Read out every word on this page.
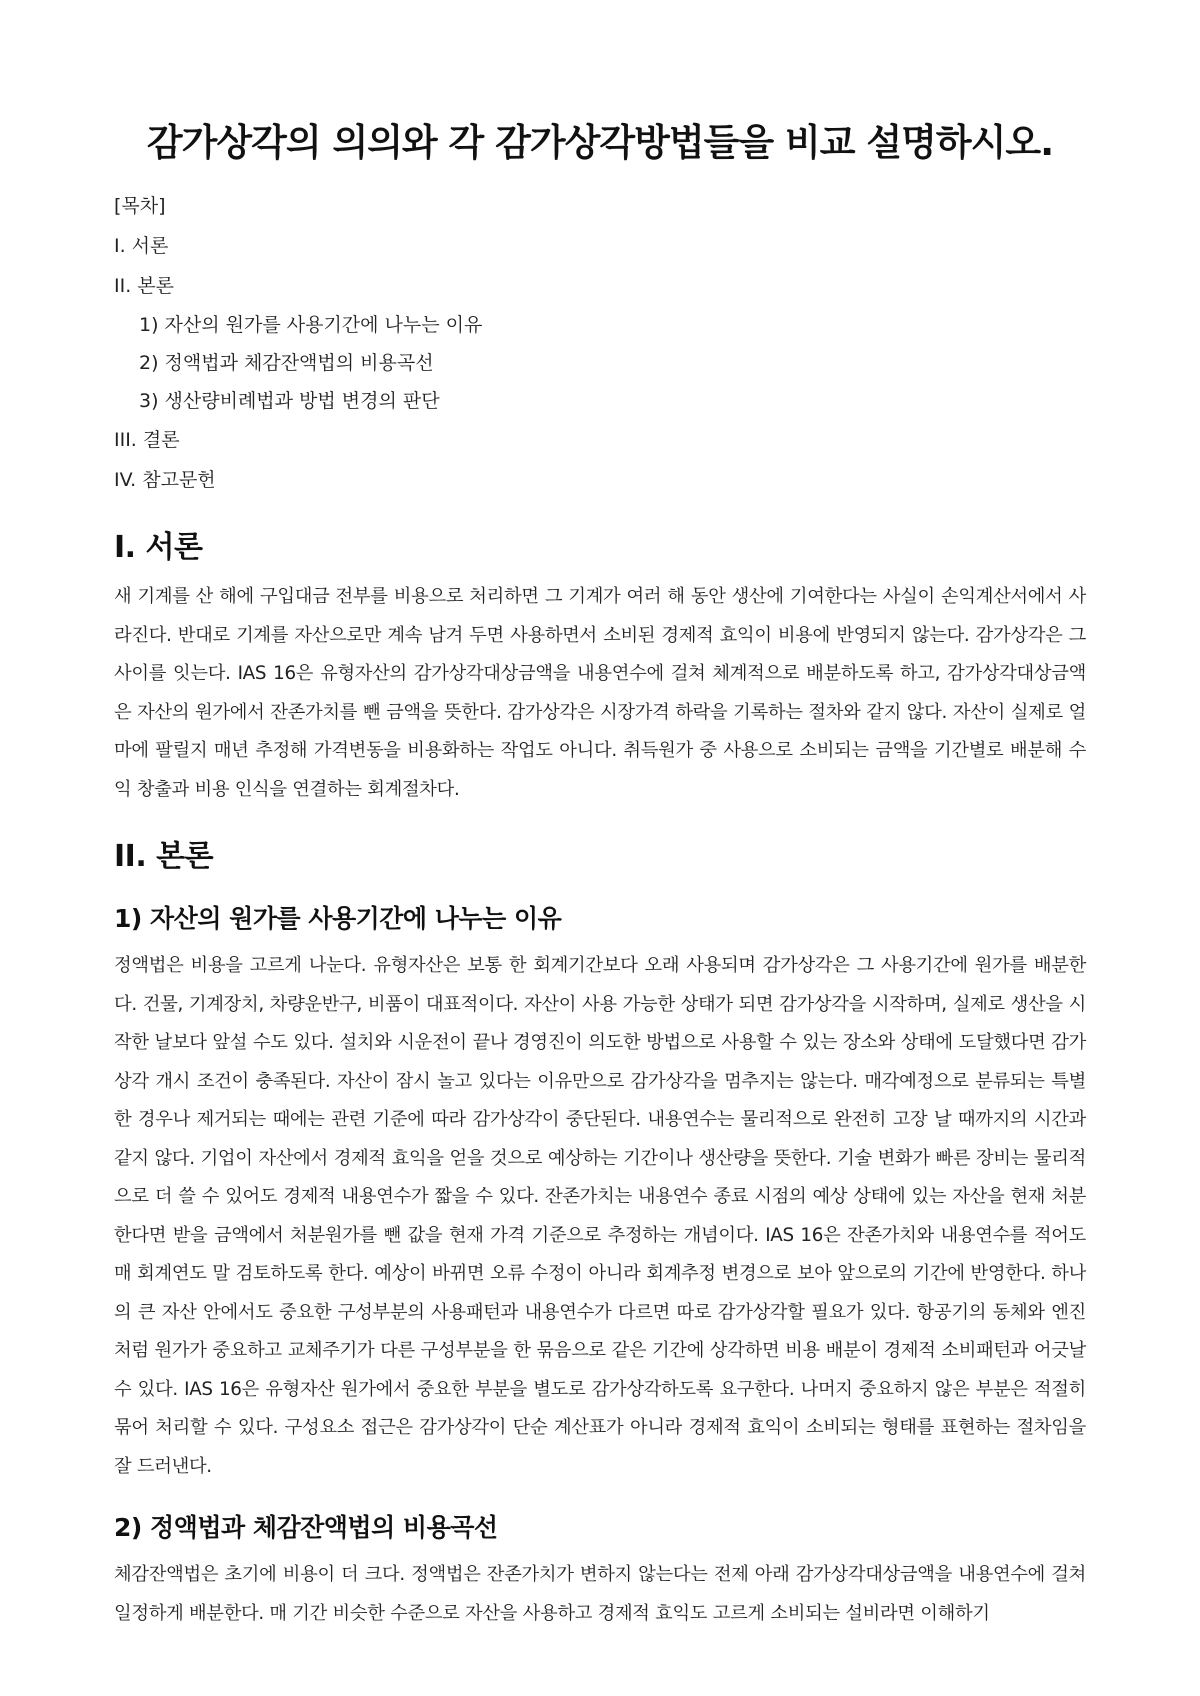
감가상각의 의의와 각 감가상각방법들을 비교 설명하시오.
[목차]
I. 서론
II. 본론
1) 자산의 원가를 사용기간에 나누는 이유
2) 정액법과 체감잔액법의 비용곡선
3) 생산량비례법과 방법 변경의 판단
III. 결론
IV. 참고문헌
I. 서론

새 기계를 산 해에 구입대금 전부를 비용으로 처리하면 그 기계가 여러 해 동안 생산에 기여한다는 사실이 손익계산서에서 사라진다. 반대로 기계를 자산으로만 계속 남겨 두면 사용하면서 소비된 경제적 효익이 비용에 반영되지 않는다. 감가상각은 그 사이를 잇는다. IAS 16은 유형자산의 감가상각대상금액을 내용연수에 걸쳐 체계적으로 배분하도록 하고, 감가상각대상금액은 자산의 원가에서 잔존가치를 뺀 금액을 뜻한다. 감가상각은 시장가격 하락을 기록하는 절차와 같지 않다. 자산이 실제로 얼마에 팔릴지 매년 추정해 가격변동을 비용화하는 작업도 아니다. 취득원가 중 사용으로 소비되는 금액을 기간별로 배분해 수익 창출과 비용 인식을 연결하는 회계절차다.

II. 본론
1) 자산의 원가를 사용기간에 나누는 이유

정액법은 비용을 고르게 나눈다. 유형자산은 보통 한 회계기간보다 오래 사용되며 감가상각은 그 사용기간에 원가를 배분한다. 건물, 기계장치, 차량운반구, 비품이 대표적이다. 자산이 사용 가능한 상태가 되면 감가상각을 시작하며, 실제로 생산을 시작한 날보다 앞설 수도 있다. 설치와 시운전이 끝나 경영진이 의도한 방법으로 사용할 수 있는 장소와 상태에 도달했다면 감가상각 개시 조건이 충족된다. 자산이 잠시 놀고 있다는 이유만으로 감가상각을 멈추지는 않는다. 매각예정으로 분류되는 특별한 경우나 제거되는 때에는 관련 기준에 따라 감가상각이 중단된다. 내용연수는 물리적으로 완전히 고장 날 때까지의 시간과 같지 않다. 기업이 자산에서 경제적 효익을 얻을 것으로 예상하는 기간이나 생산량을 뜻한다. 기술 변화가 빠른 장비는 물리적으로 더 쓸 수 있어도 경제적 내용연수가 짧을 수 있다. 잔존가치는 내용연수 종료 시점의 예상 상태에 있는 자산을 현재 처분한다면 받을 금액에서 처분원가를 뺀 값을 현재 가격 기준으로 추정하는 개념이다. IAS 16은 잔존가치와 내용연수를 적어도 매 회계연도 말 검토하도록 한다. 예상이 바뀌면 오류 수정이 아니라 회계추정 변경으로 보아 앞으로의 기간에 반영한다. 하나의 큰 자산 안에서도 중요한 구성부분의 사용패턴과 내용연수가 다르면 따로 감가상각할 필요가 있다. 항공기의 동체와 엔진처럼 원가가 중요하고 교체주기가 다른 구성부분을 한 묶음으로 같은 기간에 상각하면 비용 배분이 경제적 소비패턴과 어긋날 수 있다. IAS 16은 유형자산 원가에서 중요한 부분을 별도로 감가상각하도록 요구한다. 나머지 중요하지 않은 부분은 적절히 묶어 처리할 수 있다. 구성요소 접근은 감가상각이 단순 계산표가 아니라 경제적 효익이 소비되는 형태를 표현하는 절차임을 잘 드러낸다.

2) 정액법과 체감잔액법의 비용곡선

체감잔액법은 초기에 비용이 더 크다. 정액법은 잔존가치가 변하지 않는다는 전제 아래 감가상각대상금액을 내용연수에 걸쳐 일정하게 배분한다. 매 기간 비슷한 수준으로 자산을 사용하고 경제적 효익도 고르게 소비되는 설비라면 이해하기
